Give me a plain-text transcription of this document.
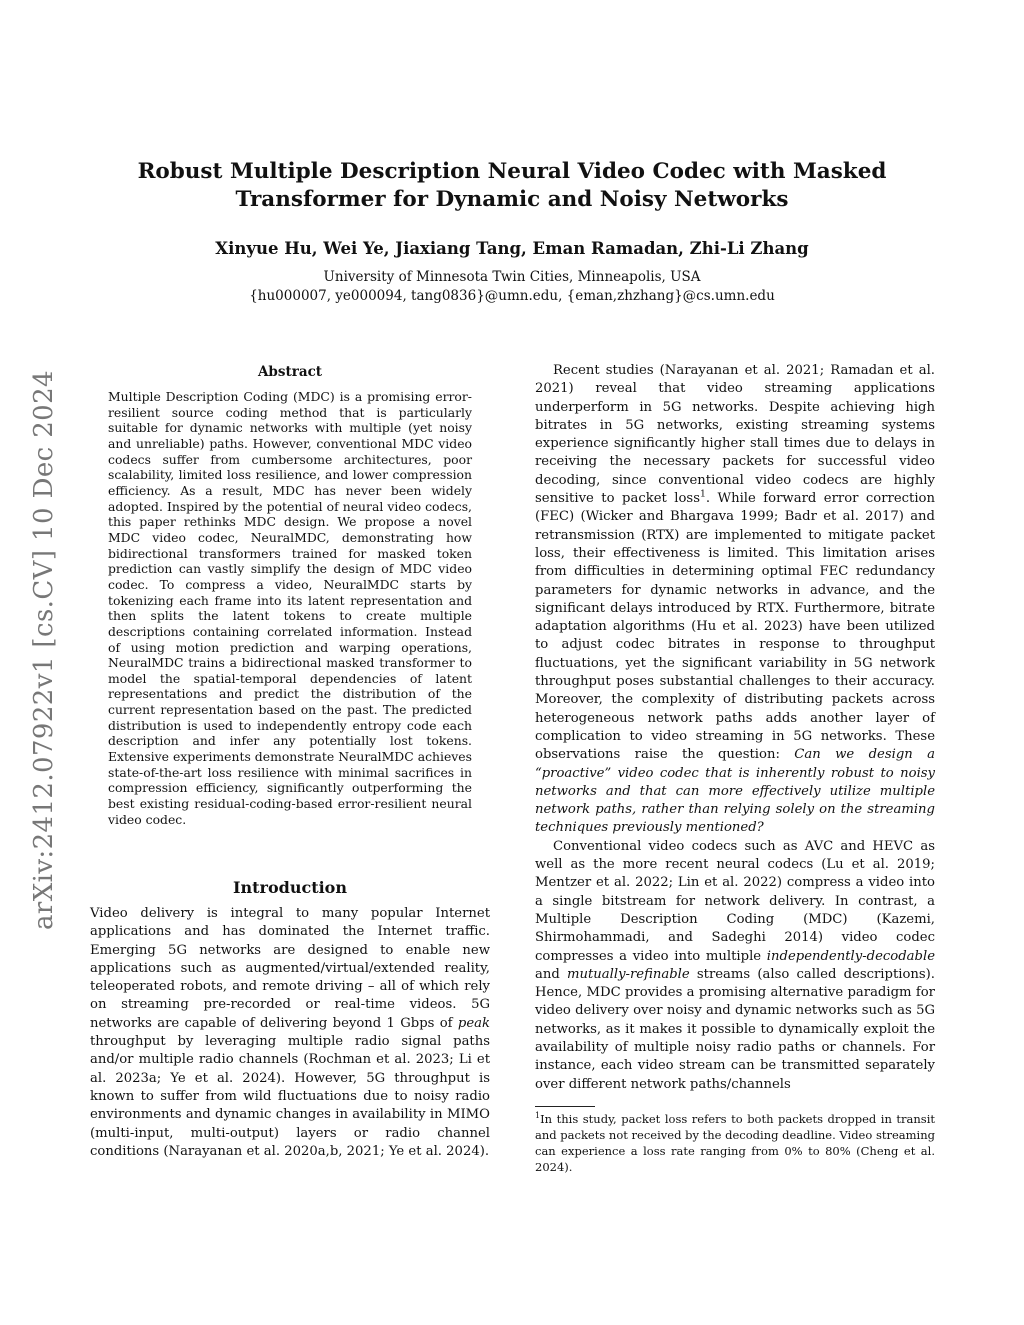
Robust Multiple Description Neural Video Codec with Masked
Transformer for Dynamic and Noisy Networks
Xinyue Hu, Wei Ye, Jiaxiang Tang, Eman Ramadan, Zhi-Li Zhang
University of Minnesota Twin Cities, Minneapolis, USA
{hu000007, ye000094, tang0836}@umn.edu, {eman,zhzhang}@cs.umn.edu
arXiv:2412.07922v1 [cs.CV] 10 Dec 2024	Abstract

Multiple Description Coding (MDC) is a promising error-resilient source coding method that is particularly suitable for dynamic networks with multiple (yet noisy and unreliable) paths. However, conventional MDC video codecs suffer from cumbersome architectures, poor scalability, limited loss resilience, and lower compression efficiency. As a result, MDC has never been widely adopted. Inspired by the potential of neural video codecs, this paper rethinks MDC design. We propose a novel MDC video codec, NeuralMDC, demonstrating how bidirectional transformers trained for masked token prediction can vastly simplify the design of MDC video codec. To compress a video, NeuralMDC starts by tokenizing each frame into its latent representation and then splits the latent tokens to create multiple descriptions containing correlated information. Instead of using motion prediction and warping operations, NeuralMDC trains a bidirectional masked transformer to model the spatial-temporal dependencies of latent representations and predict the distribution of the current representation based on the past. The predicted distribution is used to independently entropy code each description and infer any potentially lost tokens. Extensive experiments demonstrate NeuralMDC achieves state-of-the-art loss resilience with minimal sacrifices in compression efficiency, significantly outperforming the best existing residual-coding-based error-resilient neural video codec.

Introduction

Video delivery is integral to many popular Internet applications and has dominated the Internet traffic. Emerging 5G networks are designed to enable new applications such as augmented/virtual/extended reality, teleoperated robots, and remote driving – all of which rely on streaming pre-recorded or real-time videos. 5G networks are capable of delivering beyond 1 Gbps of peak throughput by leveraging multiple radio signal paths and/or multiple radio channels (Rochman et al. 2023; Li et al. 2023a; Ye et al. 2024). However, 5G throughput is known to suffer from wild fluctuations due to noisy radio environments and dynamic changes in availability in MIMO (multi-input, multi-output) layers or radio channel conditions (Narayanan et al. 2020a,b, 2021; Ye et al. 2024).

Recent studies (Narayanan et al. 2021; Ramadan et al. 2021) reveal that video streaming applications underperform in 5G networks. Despite achieving high bitrates in 5G networks, existing streaming systems experience significantly higher stall times due to delays in receiving the necessary packets for successful video decoding, since conventional video codecs are highly sensitive to packet loss$^1$. While forward error correction (FEC) (Wicker and Bhargava 1999; Badr et al. 2017) and retransmission (RTX) are implemented to mitigate packet loss, their effectiveness is limited. This limitation arises from difficulties in determining optimal FEC redundancy parameters for dynamic networks in advance, and the significant delays introduced by RTX. Furthermore, bitrate adaptation algorithms (Hu et al. 2023) have been utilized to adjust codec bitrates in response to throughput fluctuations, yet the significant variability in 5G network throughput poses substantial challenges to their accuracy. Moreover, the complexity of distributing packets across heterogeneous network paths adds another layer of complication to video streaming in 5G networks. These observations raise the question: Can we design a “proactive” video codec that is inherently robust to noisy networks and that can more effectively utilize multiple network paths, rather than relying solely on the streaming techniques previously mentioned?

Conventional video codecs such as AVC and HEVC as well as the more recent neural codecs (Lu et al. 2019; Mentzer et al. 2022; Lin et al. 2022) compress a video into a single bitstream for network delivery. In contrast, a Multiple Description Coding (MDC) (Kazemi, Shirmohammadi, and Sadeghi 2014) video codec compresses a video into multiple independently-decodable and mutually-refinable streams (also called descriptions). Hence, MDC provides a promising alternative paradigm for video delivery over noisy and dynamic networks such as 5G networks, as it makes it possible to dynamically exploit the availability of multiple noisy radio paths or channels. For instance, each video stream can be transmitted separately over different network paths/channels

$^1$In this study, packet loss refers to both packets dropped in transit and packets not received by the decoding deadline. Video streaming can experience a loss rate ranging from 0% to 80% (Cheng et al. 2024).
